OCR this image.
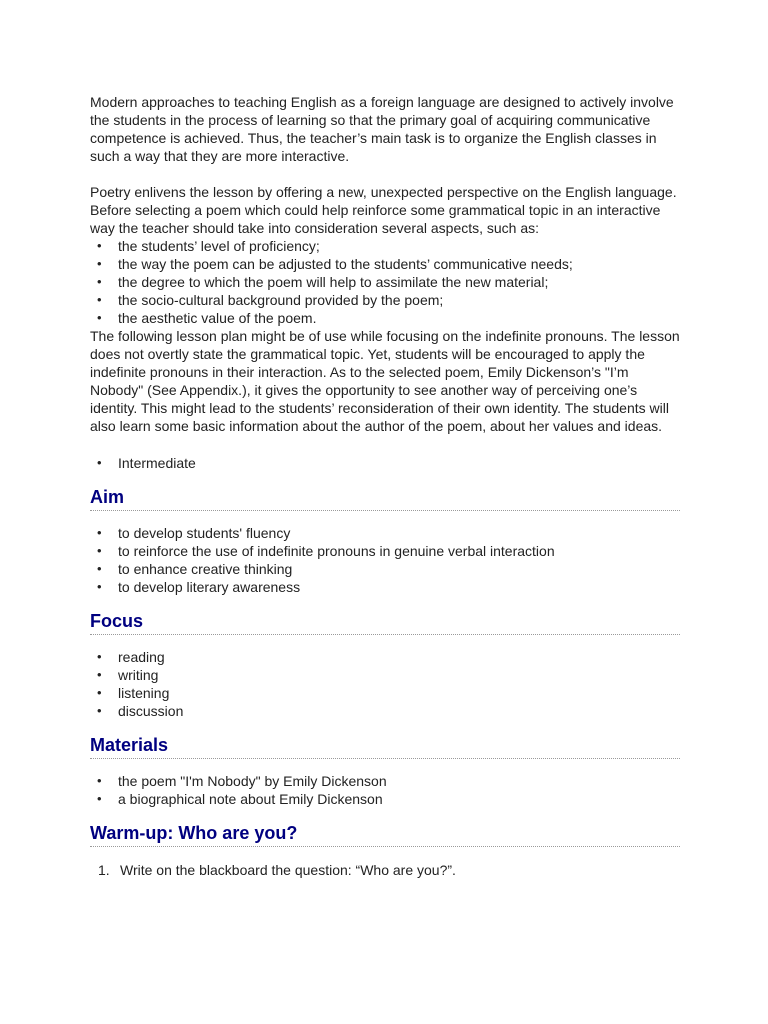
Modern approaches to teaching English as a foreign language are designed to actively involve the students in the process of learning so that the primary goal of acquiring communicative competence is achieved. Thus, the teacher’s main task is to organize the English classes in such a way that they are more interactive.

Poetry enlivens the lesson by offering a new, unexpected perspective on the English language. Before selecting a poem which could help reinforce some grammatical topic in an interactive way the teacher should take into consideration several aspects, such as:

• the students’ level of proficiency;
• the way the poem can be adjusted to the students’ communicative needs;
• the degree to which the poem will help to assimilate the new material;
• the socio-cultural background provided by the poem;
• the aesthetic value of the poem.

The following lesson plan might be of use while focusing on the indefinite pronouns. The lesson does not overtly state the grammatical topic. Yet, students will be encouraged to apply the indefinite pronouns in their interaction. As to the selected poem, Emily Dickenson’s "I’m Nobody" (See Appendix.), it gives the opportunity to see another way of perceiving one’s identity. This might lead to the students’ reconsideration of their own identity. The students will also learn some basic information about the author of the poem, about her values and ideas.

• Intermediate
Aim
• to develop students' fluency
• to reinforce the use of indefinite pronouns in genuine verbal interaction
• to enhance creative thinking
• to develop literary awareness
Focus
• reading
• writing
• listening
• discussion
Materials
• the poem "I'm Nobody" by Emily Dickenson
• a biographical note about Emily Dickenson
Warm-up: Who are you?
1. Write on the blackboard the question: “Who are you?”.
